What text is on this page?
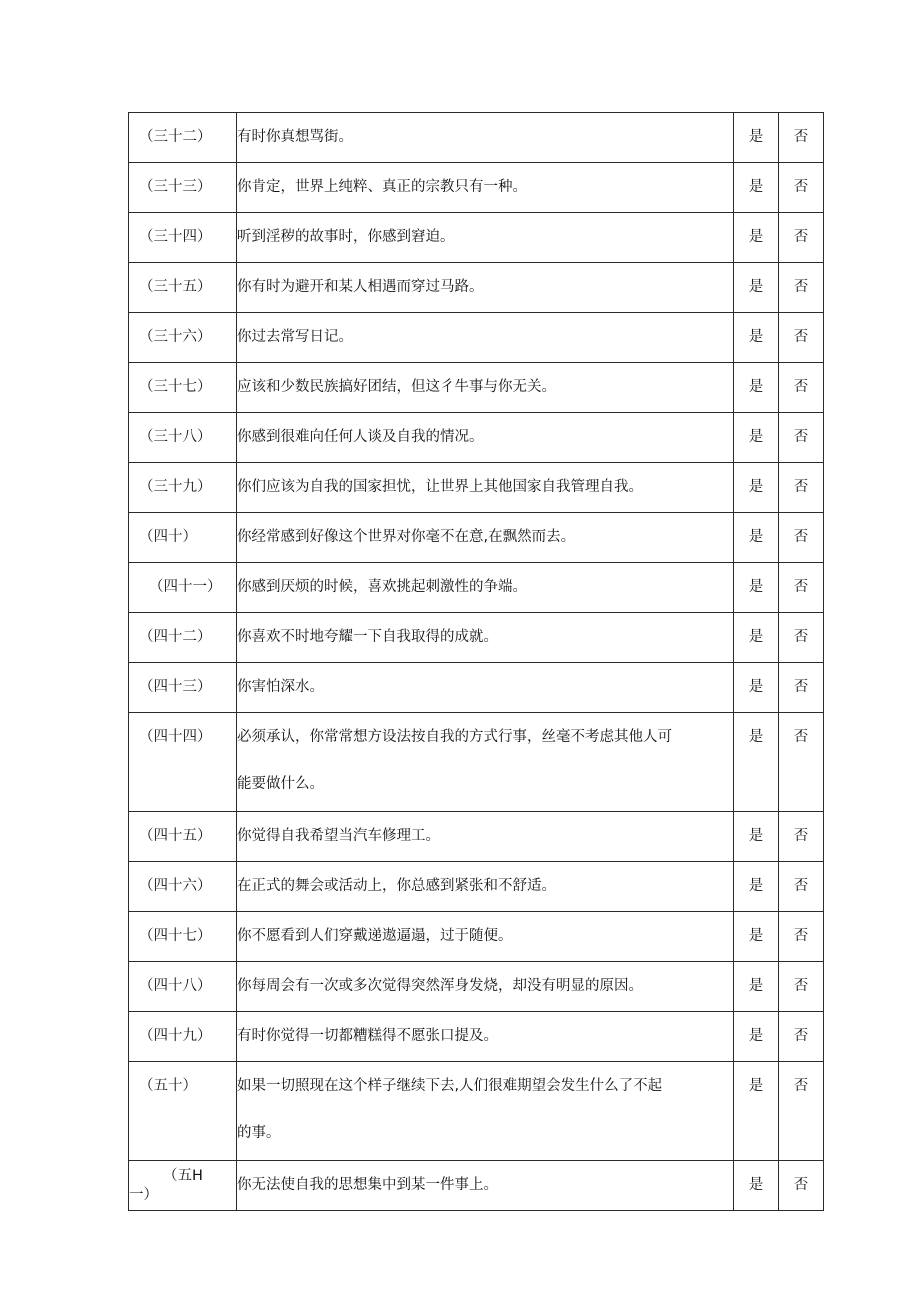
（三十二）	有时你真想骂街。	是	否

（三十三）	你肯定，世界上纯粹、真正的宗教只有一种。	是	否

（三十四）	听到淫秽的故事时，你感到窘迫。	是	否

（三十五）	你有时为避开和某人相遇而穿过马路。	是	否

（三十六）	你过去常写日记。	是	否

（三十七）	应该和少数民族搞好团结，但这彳牛事与你无关。	是	否

（三十八）	你感到很难向任何人谈及自我的情况。	是	否

（三十九）	你们应该为自我的国家担忧，让世界上其他国家自我管理自我。	是	否

（四十）	你经常感到好像这个世界对你毫不在意,在飘然而去。	是	否

（四十一）	你感到厌烦的时候，喜欢挑起刺激性的争端。	是	否

（四十二）	你喜欢不时地夸耀一下自我取得的成就。	是	否

（四十三）	你害怕深水。	是	否

（四十四）	必须承认，你常常想方设法按自我的方式行事，丝毫不考虑其他人可
能要做什么。	是	否

（四十五）	你觉得自我希望当汽车修理工。	是	否

（四十六）	在正式的舞会或活动上，你总感到紧张和不舒适。	是	否

（四十七）	你不愿看到人们穿戴递遨逼遢，过于随便。	是	否

（四十八）	你每周会有一次或多次觉得突然浑身发烧，却没有明显的原因。	是	否

（四十九）	有时你觉得一切都糟糕得不愿张口提及。	是	否

（五十）	如果一切照现在这个样子继续下去,人们很难期望会发生什么了不起
的事。	是	否

（五H
一）	你无法使自我的思想集中到某一件事上。	是	否
